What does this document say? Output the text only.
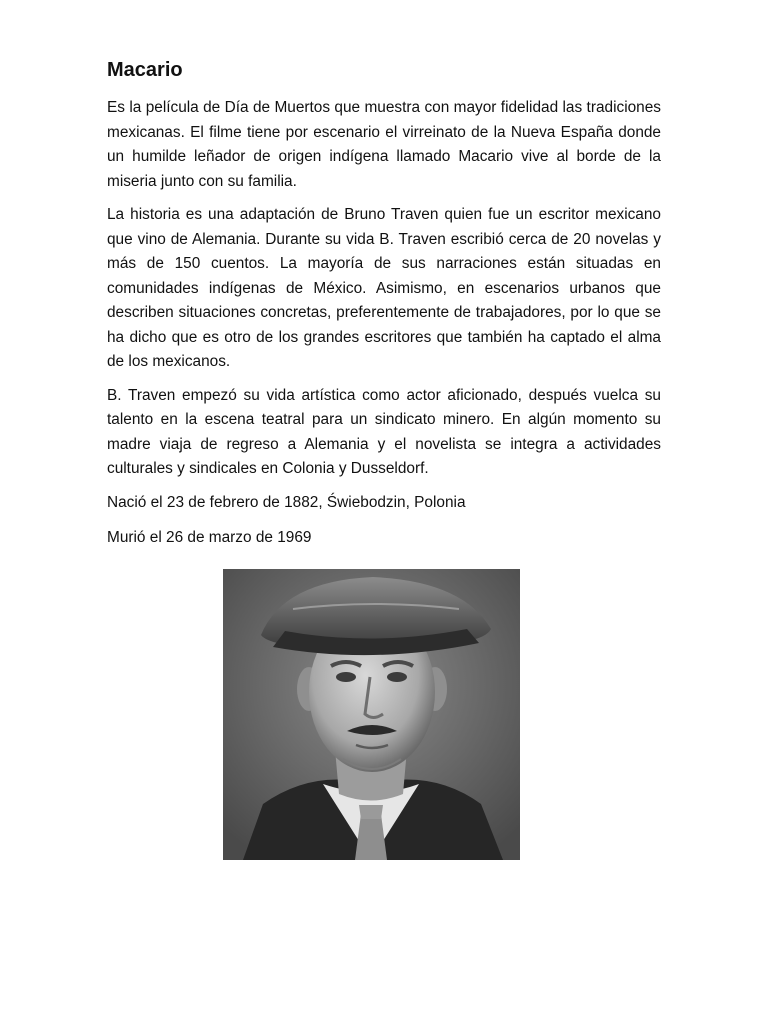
Macario

Es la película de Día de Muertos que muestra con mayor fidelidad las tradiciones mexicanas. El filme tiene por escenario el virreinato de la Nueva España donde un humilde leñador de origen indígena llamado Macario vive al borde de la miseria junto con su familia.

La historia es una adaptación de Bruno Traven quien fue un escritor mexicano que vino de Alemania. Durante su vida B. Traven escribió cerca de 20 novelas y más de 150 cuentos. La mayoría de sus narraciones están situadas en comunidades indígenas de México. Asimismo, en escenarios urbanos que describen situaciones concretas, preferentemente de trabajadores, por lo que se ha dicho que es otro de los grandes escritores que también ha captado el alma de los mexicanos.

B. Traven empezó su vida artística como actor aficionado, después vuelca su talento en la escena teatral para un sindicato minero. En algún momento su madre viaja de regreso a Alemania y el novelista se integra a actividades culturales y sindicales en Colonia y Dusseldorf.

Nació el 23 de febrero de 1882, Świebodzin, Polonia

Murió el 26 de marzo de 1969
